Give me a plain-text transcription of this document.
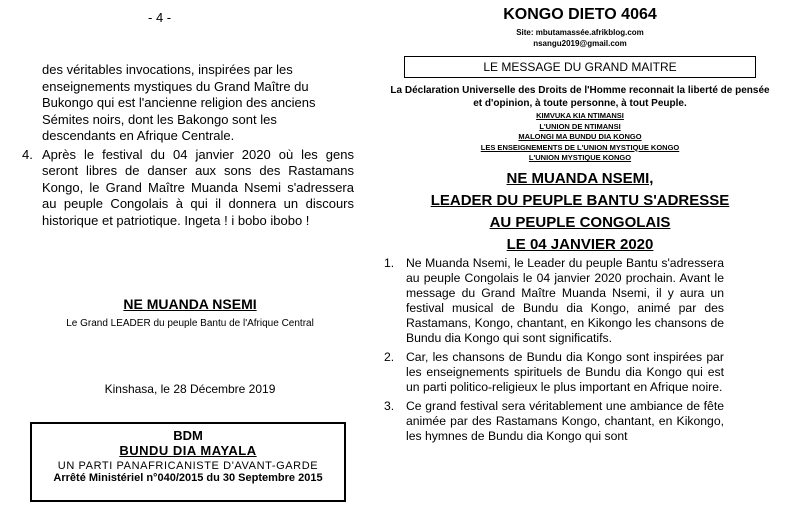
- 4 -

des véritables invocations, inspirées par les

enseignements mystiques du Grand Maître du

Bukongo qui est l'ancienne religion des anciens

Sémites noirs, dont les Bakongo sont les

descendants en Afrique Centrale.

4. Après le festival du 04 janvier 2020 où les gens seront libres de danser aux sons des Rastamans Kongo, le Grand Maître Muanda Nsemi s'adressera au peuple Congolais à qui il donnera un discours historique et patriotique. Ingeta ! i bobo ibobo !
NE MUANDA NSEMI
Le Grand LEADER du peuple Bantu de l'Afrique Central
Kinshasa, le 28 Décembre 2019
BDM
BUNDU DIA MAYALA
UN PARTI PANAFRICANISTE D'AVANT-GARDE
Arrêté Ministériel n°040/2015 du 30 Septembre 2015
KONGO DIETO 4064
Site: mbutamassée.afrikblog.com
nsangu2019@gmail.com
LE MESSAGE DU GRAND MAITRE
La Déclaration Universelle des Droits de l'Homme reconnait la liberté de pensée et d'opinion, à toute personne, à tout Peuple.
KIMVUKA KIA NTIMANSI
L'UNION DE NTIMANSI
MALONGI MA BUNDU DIA KONGO
LES ENSEIGNEMENTS DE L'UNION MYSTIQUE KONGO
L'UNION MYSTIQUE KONGO
NE MUANDA NSEMI,
LEADER DU PEUPLE BANTU S'ADRESSE
AU PEUPLE CONGOLAIS
LE 04 JANVIER 2020
1. Ne Muanda Nsemi, le Leader du peuple Bantu s'adressera au peuple Congolais le 04 janvier 2020 prochain. Avant le message du Grand Maître Muanda Nsemi, il y aura un festival musical de Bundu dia Kongo, animé par des Rastamans, Kongo, chantant, en Kikongo les chansons de Bundu dia Kongo qui sont significatifs.
2. Car, les chansons de Bundu dia Kongo sont inspirées par les enseignements spirituels de Bundu dia Kongo qui est un parti politico-religieux le plus important en Afrique noire.
3. Ce grand festival sera véritablement une ambiance de fête animée par des Rastamans Kongo, chantant, en Kikongo, les hymnes de Bundu dia Kongo qui sont
